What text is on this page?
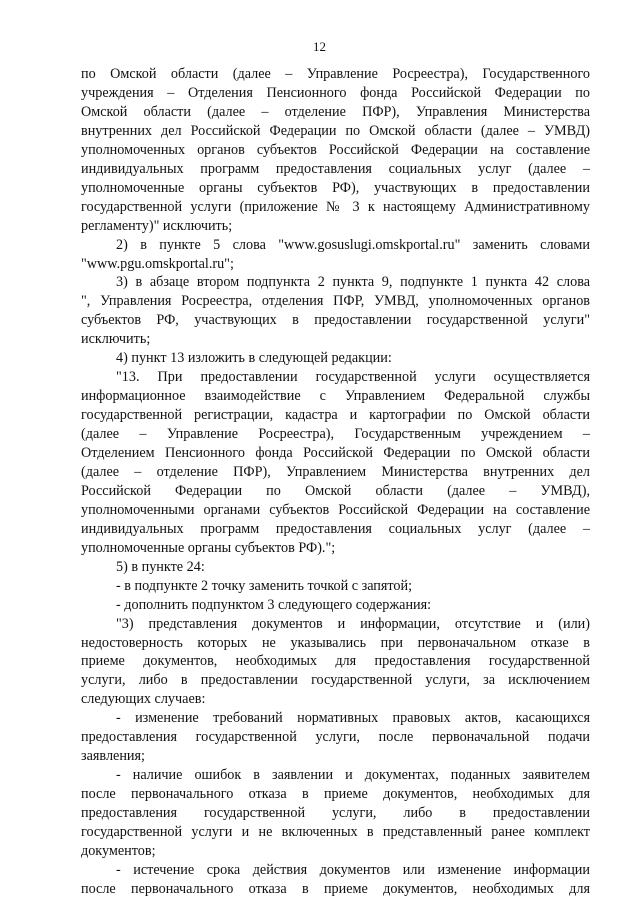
12
по Омской области (далее – Управление Росреестра), Государственного
учреждения – Отделения Пенсионного фонда Российской Федерации по
Омской области (далее – отделение ПФР), Управления Министерства
внутренних дел Российской Федерации по Омской области (далее – УМВД)
уполномоченных органов субъектов Российской Федерации на составление
индивидуальных программ предоставления социальных услуг (далее –
уполномоченные органы субъектов РФ), участвующих в предоставлении
государственной услуги (приложение № 3 к настоящему Административному
регламенту)" исключить;
2) в пункте 5 слова "www.gosuslugi.omskportal.ru" заменить словами
"www.pgu.omskportal.ru";
3) в абзаце втором подпункта 2 пункта 9, подпункте 1 пункта 42 слова
", Управления Росреестра, отделения ПФР, УМВД, уполномоченных органов
субъектов РФ, участвующих в предоставлении государственной услуги"
исключить;
4) пункт 13 изложить в следующей редакции:
"13. При предоставлении государственной услуги осуществляется
информационное взаимодействие с Управлением Федеральной службы
государственной регистрации, кадастра и картографии по Омской области
(далее – Управление Росреестра), Государственным учреждением –
Отделением Пенсионного фонда Российской Федерации по Омской области
(далее – отделение ПФР), Управлением Министерства внутренних дел
Российской Федерации по Омской области (далее – УМВД),
уполномоченными органами субъектов Российской Федерации на составление
индивидуальных программ предоставления социальных услуг (далее –
уполномоченные органы субъектов РФ).";
5) в пункте 24:
- в подпункте 2 точку заменить точкой с запятой;
- дополнить подпунктом 3 следующего содержания:
"3) представления документов и информации, отсутствие и (или)
недостоверность которых не указывались при первоначальном отказе в
приеме документов, необходимых для предоставления государственной
услуги, либо в предоставлении государственной услуги, за исключением
следующих случаев:
- изменение требований нормативных правовых актов, касающихся
предоставления государственной услуги, после первоначальной подачи
заявления;
- наличие ошибок в заявлении и документах, поданных заявителем
после первоначального отказа в приеме документов, необходимых для
предоставления государственной услуги, либо в предоставлении
государственной услуги и не включенных в представленный ранее комплект
документов;
- истечение срока действия документов или изменение информации
после первоначального отказа в приеме документов, необходимых для
